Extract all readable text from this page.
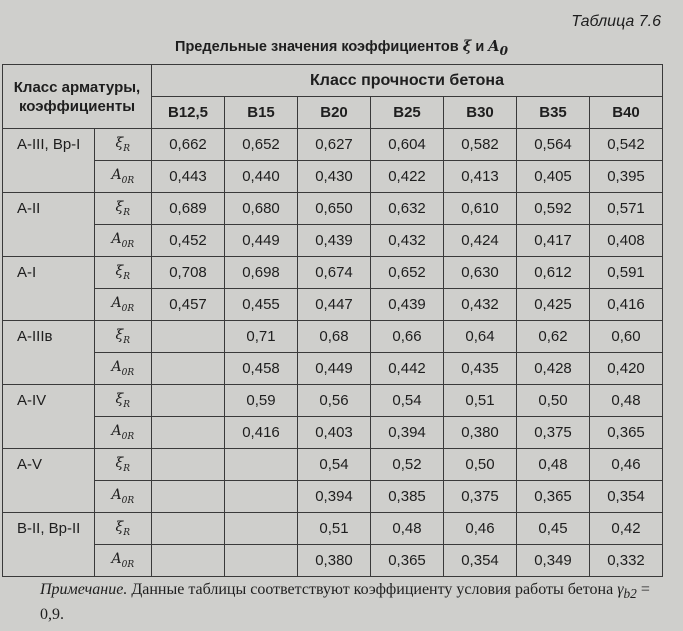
Таблица 7.6
Предельные значения коэффициентов ξ и $A_0$
Класс арматуры, коэффициенты		Класс прочности бетона						
		B12,5	B15	B20	B25	B30	B35	B40
A-III, Bp-I	$\xi_R$	0,662	0,652	0,627	0,604	0,582	0,564	0,542
	$A_{0R}$	0,443	0,440	0,430	0,422	0,413	0,405	0,395
A-II	$\xi_R$	0,689	0,680	0,650	0,632	0,610	0,592	0,571
	$A_{0R}$	0,452	0,449	0,439	0,432	0,424	0,417	0,408
A-I	$\xi_R$	0,708	0,698	0,674	0,652	0,630	0,612	0,591
	$A_{0R}$	0,457	0,455	0,447	0,439	0,432	0,425	0,416
A-IIIв	$\xi_R$		0,71	0,68	0,66	0,64	0,62	0,60
	$A_{0R}$		0,458	0,449	0,442	0,435	0,428	0,420
A-IV	$\xi_R$		0,59	0,56	0,54	0,51	0,50	0,48
	$A_{0R}$		0,416	0,403	0,394	0,380	0,375	0,365
A-V	$\xi_R$			0,54	0,52	0,50	0,48	0,46
	$A_{0R}$			0,394	0,385	0,375	0,365	0,354
B-II, Bp-II	$\xi_R$			0,51	0,48	0,46	0,45	0,42
	$A_{0R}$			0,380	0,365	0,354	0,349	0,332
Примечание. Данные таблицы соответствуют коэффициенту условия работы бетона $\gamma_{b2} = 0,9$.
